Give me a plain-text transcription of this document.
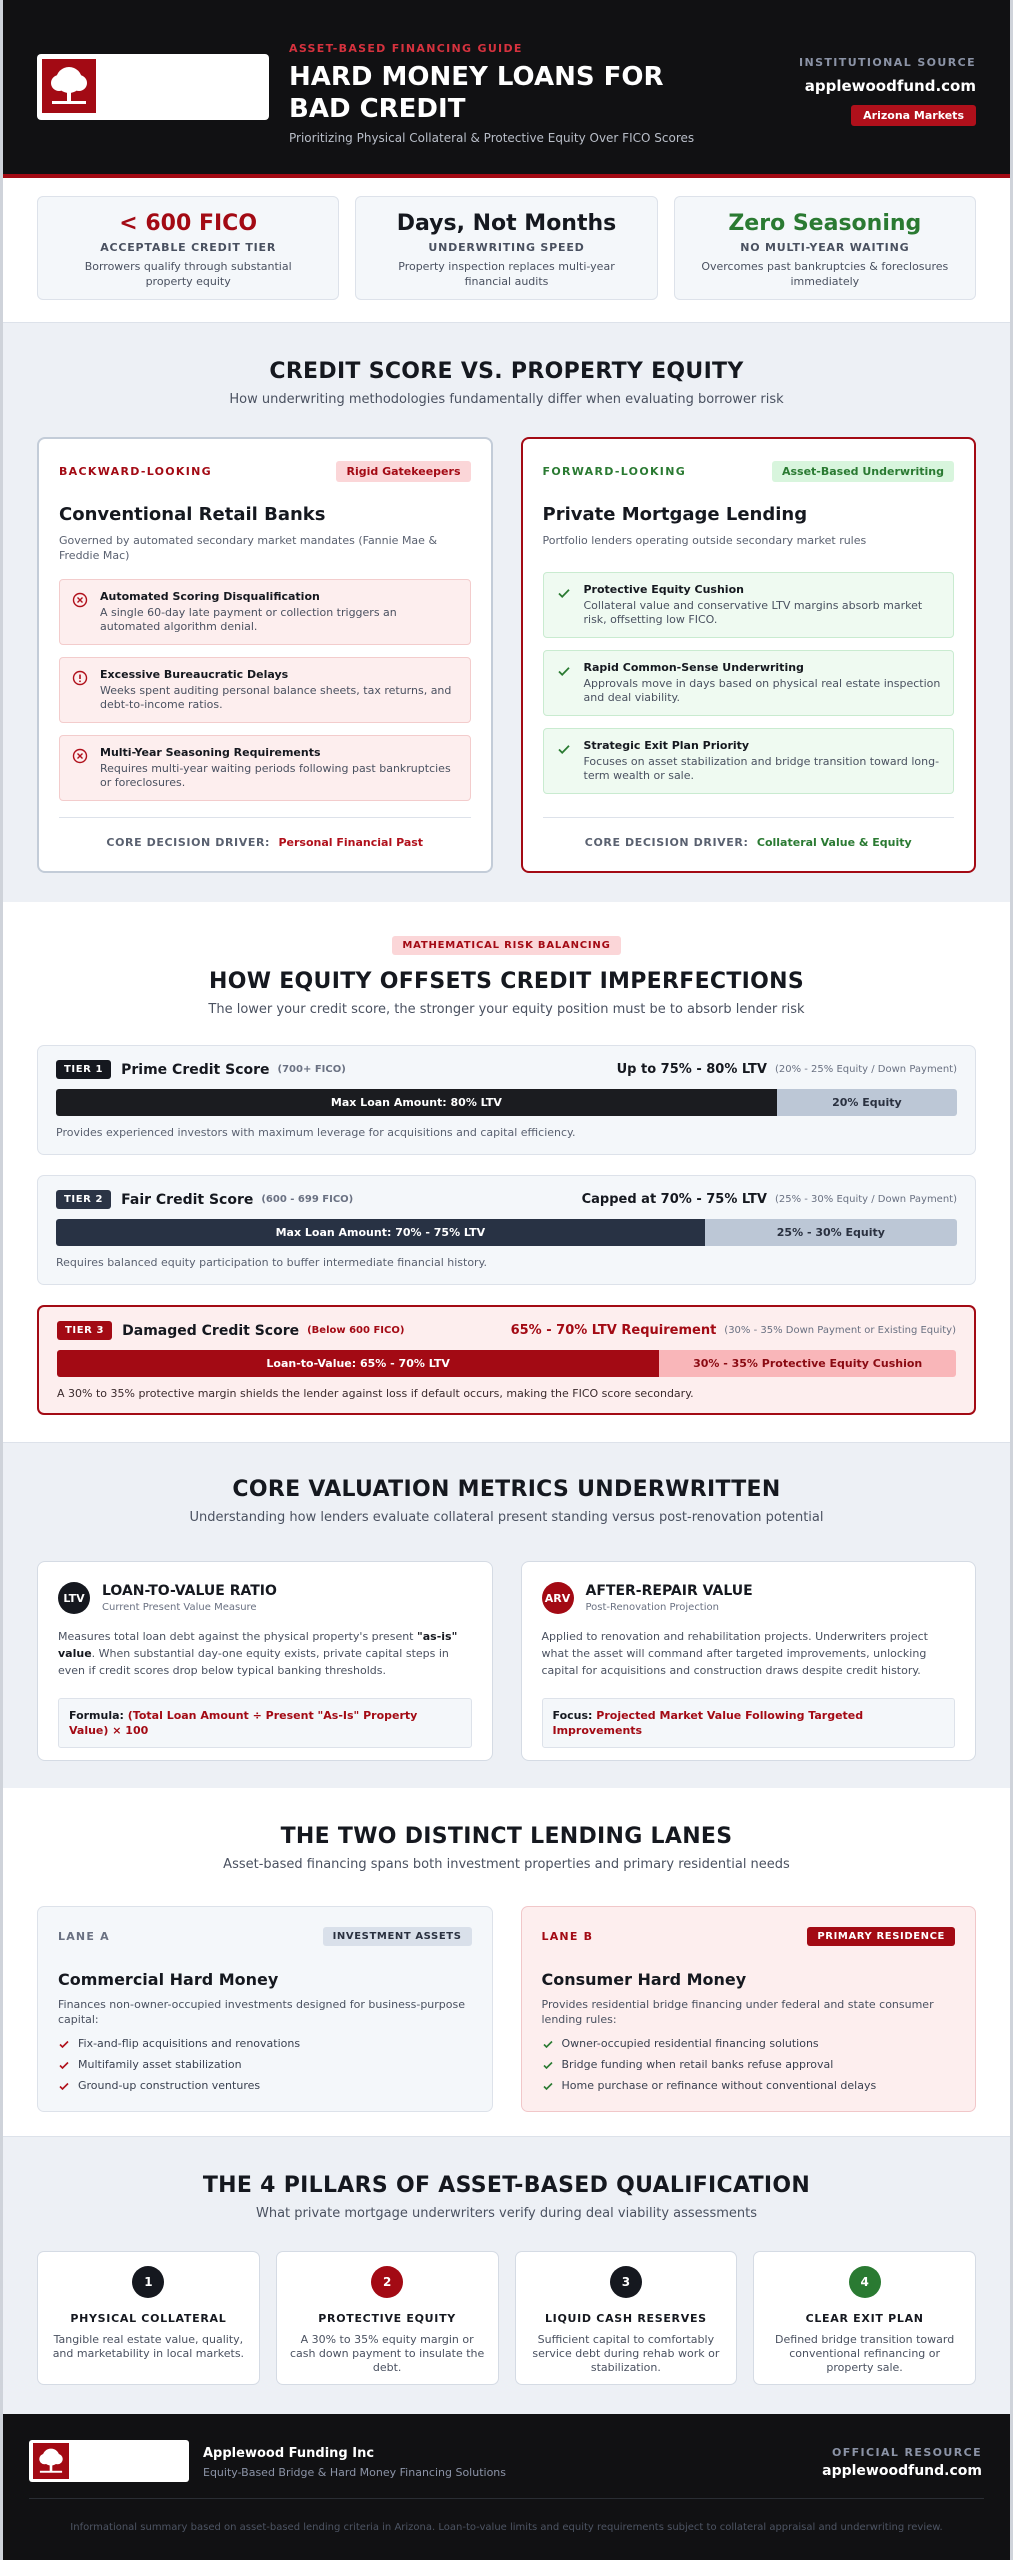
ASSET-BASED FINANCING GUIDE
HARD MONEY LOANS FOR BAD CREDIT
Prioritizing Physical Collateral & Protective Equity Over FICO Scores
INSTITUTIONAL SOURCE
applewoodfund.com
Arizona Markets
< 600 FICO
ACCEPTABLE CREDIT TIER
Borrowers qualify through substantial property equity
Days, Not Months
UNDERWRITING SPEED
Property inspection replaces multi-year financial audits
Zero Seasoning
NO MULTI-YEAR WAITING
Overcomes past bankruptcies & foreclosures immediately
CREDIT SCORE VS. PROPERTY EQUITY
How underwriting methodologies fundamentally differ when evaluating borrower risk
BACKWARD-LOOKING	Rigid Gatekeepers
Conventional Retail Banks
Governed by automated secondary market mandates (Fannie Mae & Freddie Mac)
Automated Scoring Disqualification
A single 60-day late payment or collection triggers an automated algorithm denial.
Excessive Bureaucratic Delays
Weeks spent auditing personal balance sheets, tax returns, and debt-to-income ratios.
Multi-Year Seasoning Requirements
Requires multi-year waiting periods following past bankruptcies or foreclosures.
CORE DECISION DRIVER: Personal Financial Past
FORWARD-LOOKING	Asset-Based Underwriting
Private Mortgage Lending
Portfolio lenders operating outside secondary market rules
Protective Equity Cushion
Collateral value and conservative LTV margins absorb market risk, offsetting low FICO.
Rapid Common-Sense Underwriting
Approvals move in days based on physical real estate inspection and deal viability.
Strategic Exit Plan Priority
Focuses on asset stabilization and bridge transition toward long-term wealth or sale.
CORE DECISION DRIVER: Collateral Value & Equity
MATHEMATICAL RISK BALANCING
HOW EQUITY OFFSETS CREDIT IMPERFECTIONS
The lower your credit score, the stronger your equity position must be to absorb lender risk
TIER 1	Prime Credit Score (700+ FICO)	Up to 75% - 80% LTV (20% - 25% Equity / Down Payment)
Max Loan Amount: 80% LTV	20% Equity
Provides experienced investors with maximum leverage for acquisitions and capital efficiency.
TIER 2	Fair Credit Score (600 - 699 FICO)	Capped at 70% - 75% LTV (25% - 30% Equity / Down Payment)
Max Loan Amount: 70% - 75% LTV	25% - 30% Equity
Requires balanced equity participation to buffer intermediate financial history.
TIER 3	Damaged Credit Score (Below 600 FICO)	65% - 70% LTV Requirement (30% - 35% Down Payment or Existing Equity)
Loan-to-Value: 65% - 70% LTV	30% - 35% Protective Equity Cushion
A 30% to 35% protective margin shields the lender against loss if default occurs, making the FICO score secondary.
CORE VALUATION METRICS UNDERWRITTEN
Understanding how lenders evaluate collateral present standing versus post-renovation potential
LTV	LOAN-TO-VALUE RATIO
Current Present Value Measure
Measures total loan debt against the physical property's present "as-is" value. When substantial day-one equity exists, private capital steps in even if credit scores drop below typical banking thresholds.
Formula: (Total Loan Amount ÷ Present "As-Is" Property Value) × 100
ARV AFTER-REPAIR VALUE
Post-Renovation Projection
Applied to renovation and rehabilitation projects. Underwriters project what the asset will command after targeted improvements, unlocking capital for acquisitions and construction draws despite credit history.
Focus: Projected Market Value Following Targeted Improvements
THE TWO DISTINCT LENDING LANES
Asset-based financing spans both investment properties and primary residential needs
LANE A	INVESTMENT ASSETS
Commercial Hard Money
Finances non-owner-occupied investments designed for business-purpose capital:
Fix-and-flip acquisitions and renovations
Multifamily asset stabilization
Ground-up construction ventures
LANE B	PRIMARY RESIDENCE
Consumer Hard Money
Provides residential bridge financing under federal and state consumer lending rules:
Owner-occupied residential financing solutions
Bridge funding when retail banks refuse approval
Home purchase or refinance without conventional delays
THE 4 PILLARS OF ASSET-BASED QUALIFICATION
What private mortgage underwriters verify during deal viability assessments
1
PHYSICAL COLLATERAL
Tangible real estate value, quality, and marketability in local markets.
2
PROTECTIVE EQUITY
A 30% to 35% equity margin or cash down payment to insulate the debt.
3
LIQUID CASH RESERVES
Sufficient capital to comfortably service debt during rehab work or stabilization.
4
CLEAR EXIT PLAN
Defined bridge transition toward conventional refinancing or property sale.
Applewood Funding Inc
Equity-Based Bridge & Hard Money Financing Solutions
OFFICIAL RESOURCE
applewoodfund.com
Informational summary based on asset-based lending criteria in Arizona. Loan-to-value limits and equity requirements subject to collateral appraisal and underwriting review.
